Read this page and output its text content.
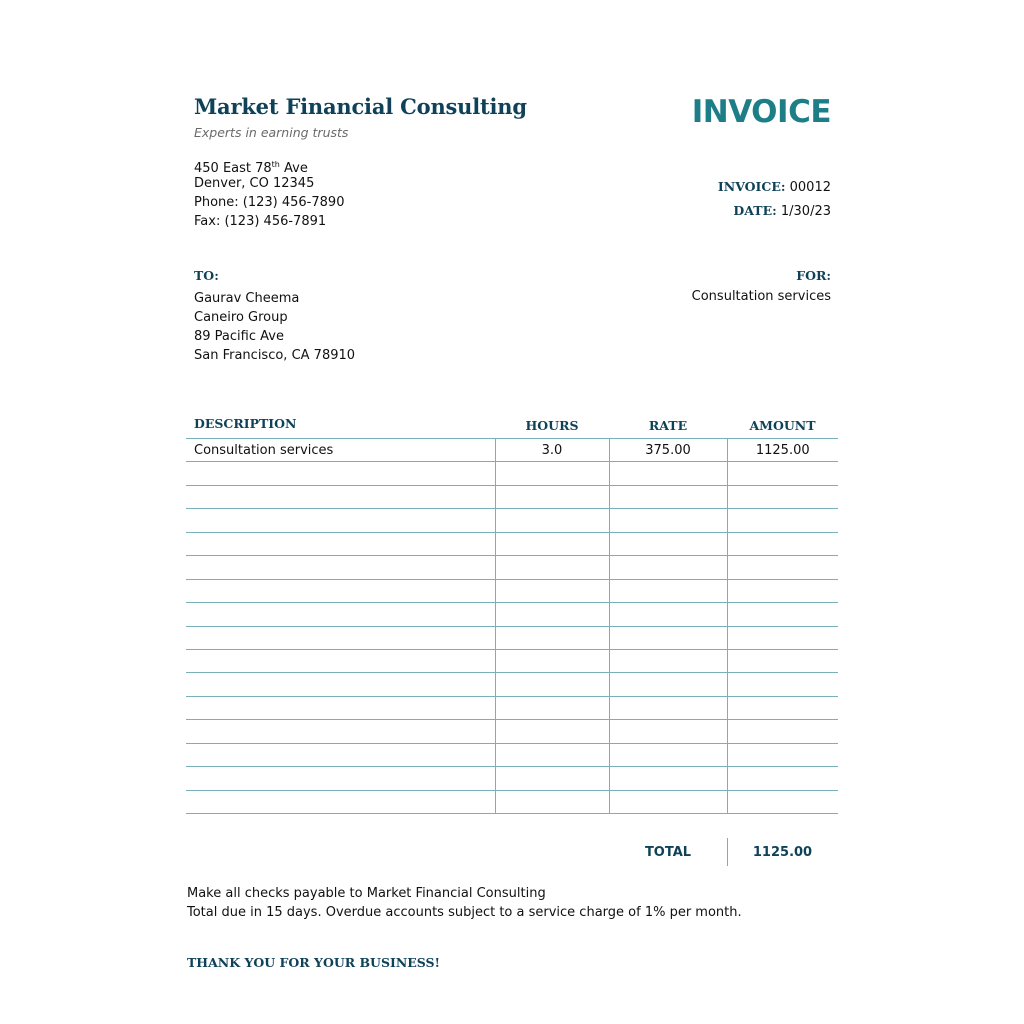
Market Financial Consulting
Experts in earning trusts
450 East 78th Ave
Denver, CO 12345
Phone: (123) 456-7890
Fax: (123) 456-7891
INVOICE
INVOICE: 00012
DATE: 1/30/23
TO:
Gaurav Cheema
Caneiro Group
89 Pacific Ave
San Francisco, CA 78910
FOR:
Consultation services
DESCRIPTION	HOURS	RATE	AMOUNT
Consultation services	3.0	375.00	1125.00

TOTAL	1125.00
Make all checks payable to Market Financial Consulting
Total due in 15 days. Overdue accounts subject to a service charge of 1% per month.
THANK YOU FOR YOUR BUSINESS!
